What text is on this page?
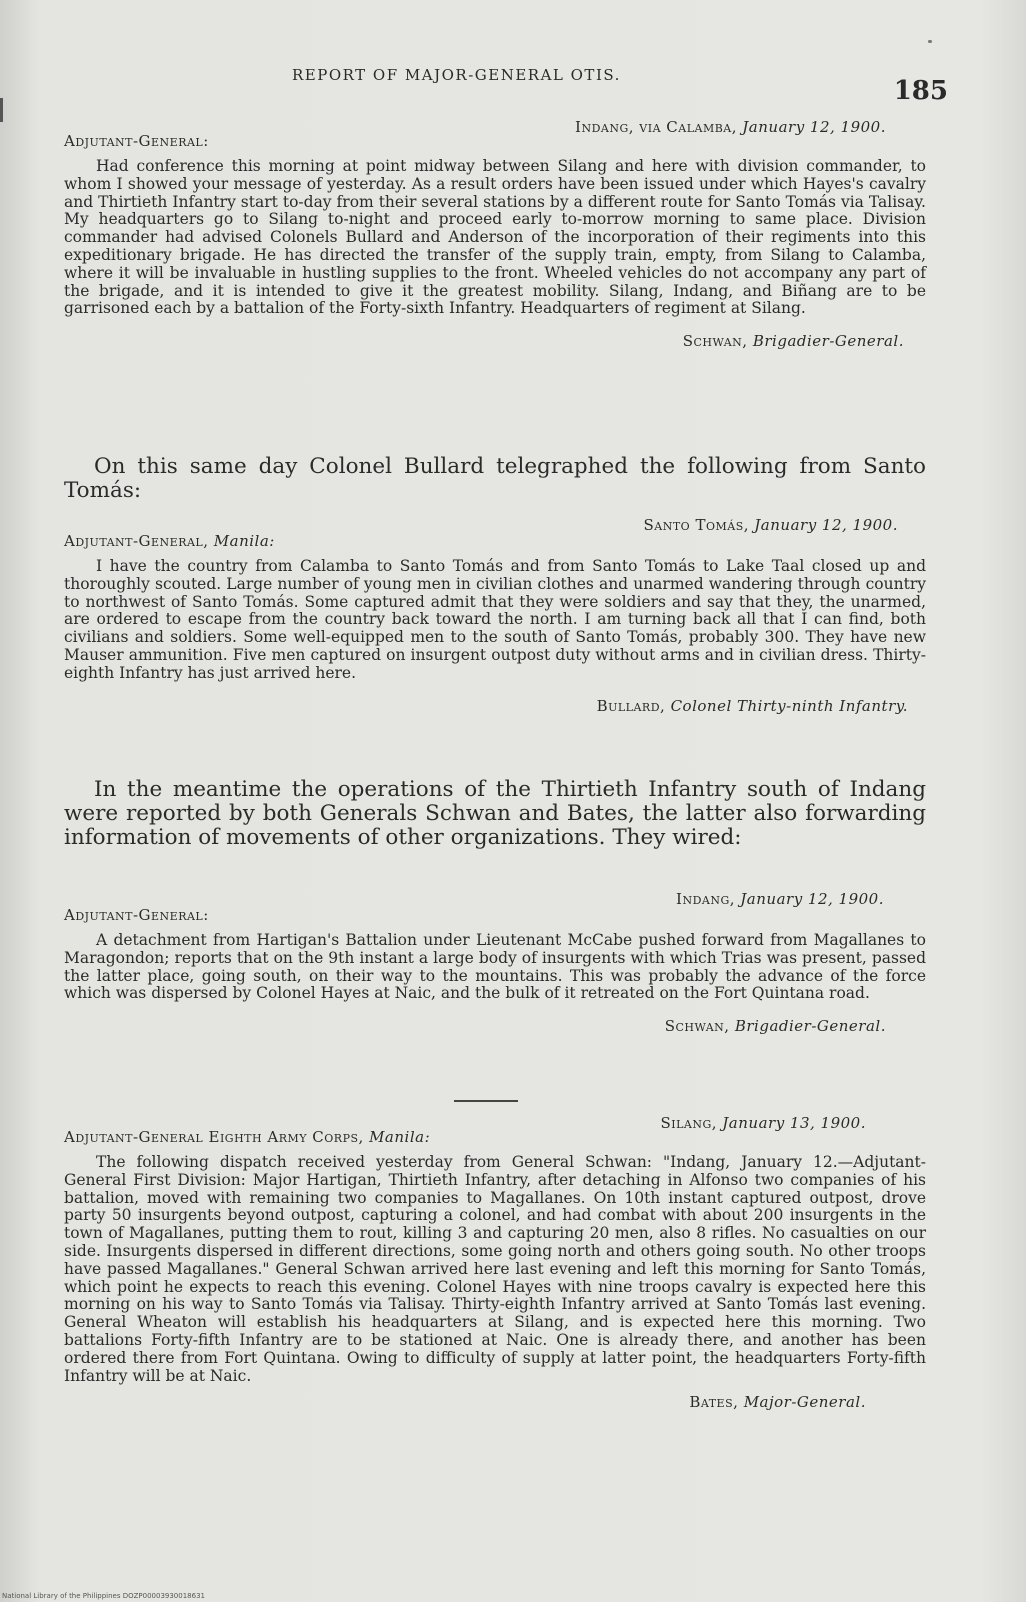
REPORT OF MAJOR-GENERAL OTIS.
185
Indang, via Calamba, January 12, 1900.
Adjutant-General:

Had conference this morning at point midway between Silang and here with division commander, to whom I showed your message of yesterday. As a result orders have been issued under which Hayes's cavalry and Thirtieth Infantry start to-day from their several stations by a different route for Santo Tomás via Talisay. My headquarters go to Silang to-night and proceed early to-morrow morning to same place. Division commander had advised Colonels Bullard and Anderson of the incorporation of their regiments into this expeditionary brigade. He has directed the transfer of the supply train, empty, from Silang to Calamba, where it will be invaluable in hustling supplies to the front. Wheeled vehicles do not accompany any part of the brigade, and it is intended to give it the greatest mobility. Silang, Indang, and Biñang are to be garrisoned each by a battalion of the Forty-sixth Infantry. Headquarters of regiment at Silang.

Schwan, Brigadier-General.

On this same day Colonel Bullard telegraphed the following from Santo Tomás:

Santo Tomás, January 12, 1900.
Adjutant-General, Manila:

I have the country from Calamba to Santo Tomás and from Santo Tomás to Lake Taal closed up and thoroughly scouted. Large number of young men in civilian clothes and unarmed wandering through country to northwest of Santo Tomás. Some captured admit that they were soldiers and say that they, the unarmed, are ordered to escape from the country back toward the north. I am turning back all that I can find, both civilians and soldiers. Some well-equipped men to the south of Santo Tomás, probably 300. They have new Mauser ammunition. Five men captured on insurgent outpost duty without arms and in civilian dress. Thirty-eighth Infantry has just arrived here.

Bullard, Colonel Thirty-ninth Infantry.

In the meantime the operations of the Thirtieth Infantry south of Indang were reported by both Generals Schwan and Bates, the latter also forwarding information of movements of other organizations. They wired:

Indang, January 12, 1900.
Adjutant-General:

A detachment from Hartigan's Battalion under Lieutenant McCabe pushed forward from Magallanes to Maragondon; reports that on the 9th instant a large body of insurgents with which Trias was present, passed the latter place, going south, on their way to the mountains. This was probably the advance of the force which was dispersed by Colonel Hayes at Naic, and the bulk of it retreated on the Fort Quintana road.

Schwan, Brigadier-General.
Silang, January 13, 1900.
Adjutant-General Eighth Army Corps, Manila:

The following dispatch received yesterday from General Schwan: "Indang, January 12.—Adjutant-General First Division: Major Hartigan, Thirtieth Infantry, after detaching in Alfonso two companies of his battalion, moved with remaining two companies to Magallanes. On 10th instant captured outpost, drove party 50 insurgents beyond outpost, capturing a colonel, and had combat with about 200 insurgents in the town of Magallanes, putting them to rout, killing 3 and capturing 20 men, also 8 rifles. No casualties on our side. Insurgents dispersed in different directions, some going north and others going south. No other troops have passed Magallanes." General Schwan arrived here last evening and left this morning for Santo Tomás, which point he expects to reach this evening. Colonel Hayes with nine troops cavalry is expected here this morning on his way to Santo Tomás via Talisay. Thirty-eighth Infantry arrived at Santo Tomás last evening. General Wheaton will establish his headquarters at Silang, and is expected here this morning. Two battalions Forty-fifth Infantry are to be stationed at Naic. One is already there, and another has been ordered there from Fort Quintana. Owing to difficulty of supply at latter point, the headquarters Forty-fifth Infantry will be at Naic.

Bates, Major-General.
National Library of the Philippines DOZP00003930018631
